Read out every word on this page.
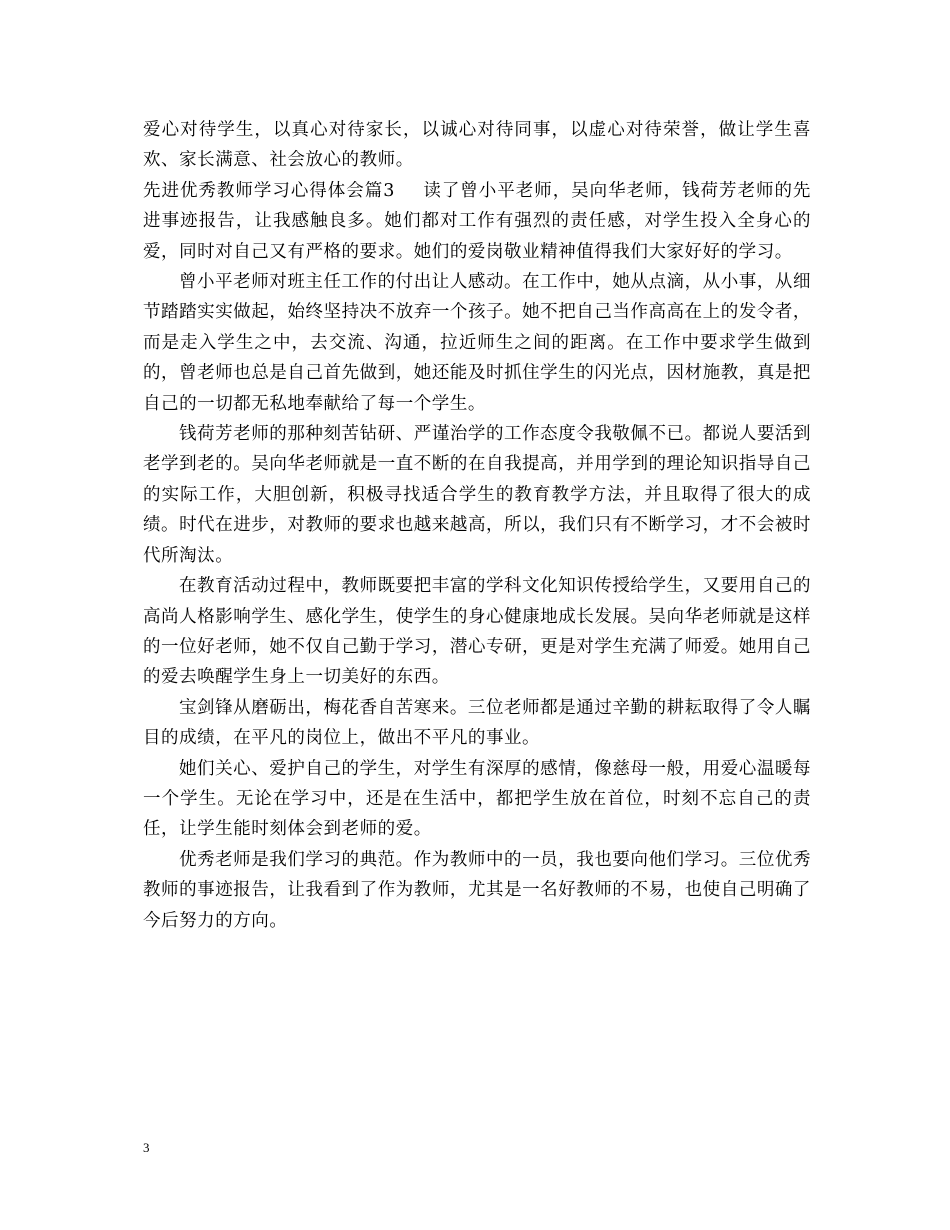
爱心对待学生，以真心对待家长，以诚心对待同事，以虚心对待荣誉，做让学生喜欢、家长满意、社会放心的教师。

先进优秀教师学习心得体会篇3 读了曾小平老师，吴向华老师，钱荷芳老师的先进事迹报告，让我感触良多。她们都对工作有强烈的责任感，对学生投入全身心的爱，同时对自己又有严格的要求。她们的爱岗敬业精神值得我们大家好好的学习。

曾小平老师对班主任工作的付出让人感动。在工作中，她从点滴，从小事，从细节踏踏实实做起，始终坚持决不放弃一个孩子。她不把自己当作高高在上的发令者，而是走入学生之中，去交流、沟通，拉近师生之间的距离。在工作中要求学生做到的，曾老师也总是自己首先做到，她还能及时抓住学生的闪光点，因材施教，真是把自己的一切都无私地奉献给了每一个学生。

钱荷芳老师的那种刻苦钻研、严谨治学的工作态度令我敬佩不已。都说人要活到老学到老的。吴向华老师就是一直不断的在自我提高，并用学到的理论知识指导自己的实际工作，大胆创新，积极寻找适合学生的教育教学方法，并且取得了很大的成绩。时代在进步，对教师的要求也越来越高，所以，我们只有不断学习，才不会被时代所淘汰。

在教育活动过程中，教师既要把丰富的学科文化知识传授给学生，又要用自己的高尚人格影响学生、感化学生，使学生的身心健康地成长发展。吴向华老师就是这样的一位好老师，她不仅自己勤于学习，潜心专研，更是对学生充满了师爱。她用自己的爱去唤醒学生身上一切美好的东西。

宝剑锋从磨砺出，梅花香自苦寒来。三位老师都是通过辛勤的耕耘取得了令人瞩目的成绩，在平凡的岗位上，做出不平凡的事业。

她们关心、爱护自己的学生，对学生有深厚的感情，像慈母一般，用爱心温暖每一个学生。无论在学习中，还是在生活中，都把学生放在首位，时刻不忘自己的责任，让学生能时刻体会到老师的爱。

优秀老师是我们学习的典范。作为教师中的一员，我也要向他们学习。三位优秀教师的事迹报告，让我看到了作为教师，尤其是一名好教师的不易，也使自己明确了今后努力的方向。

3
